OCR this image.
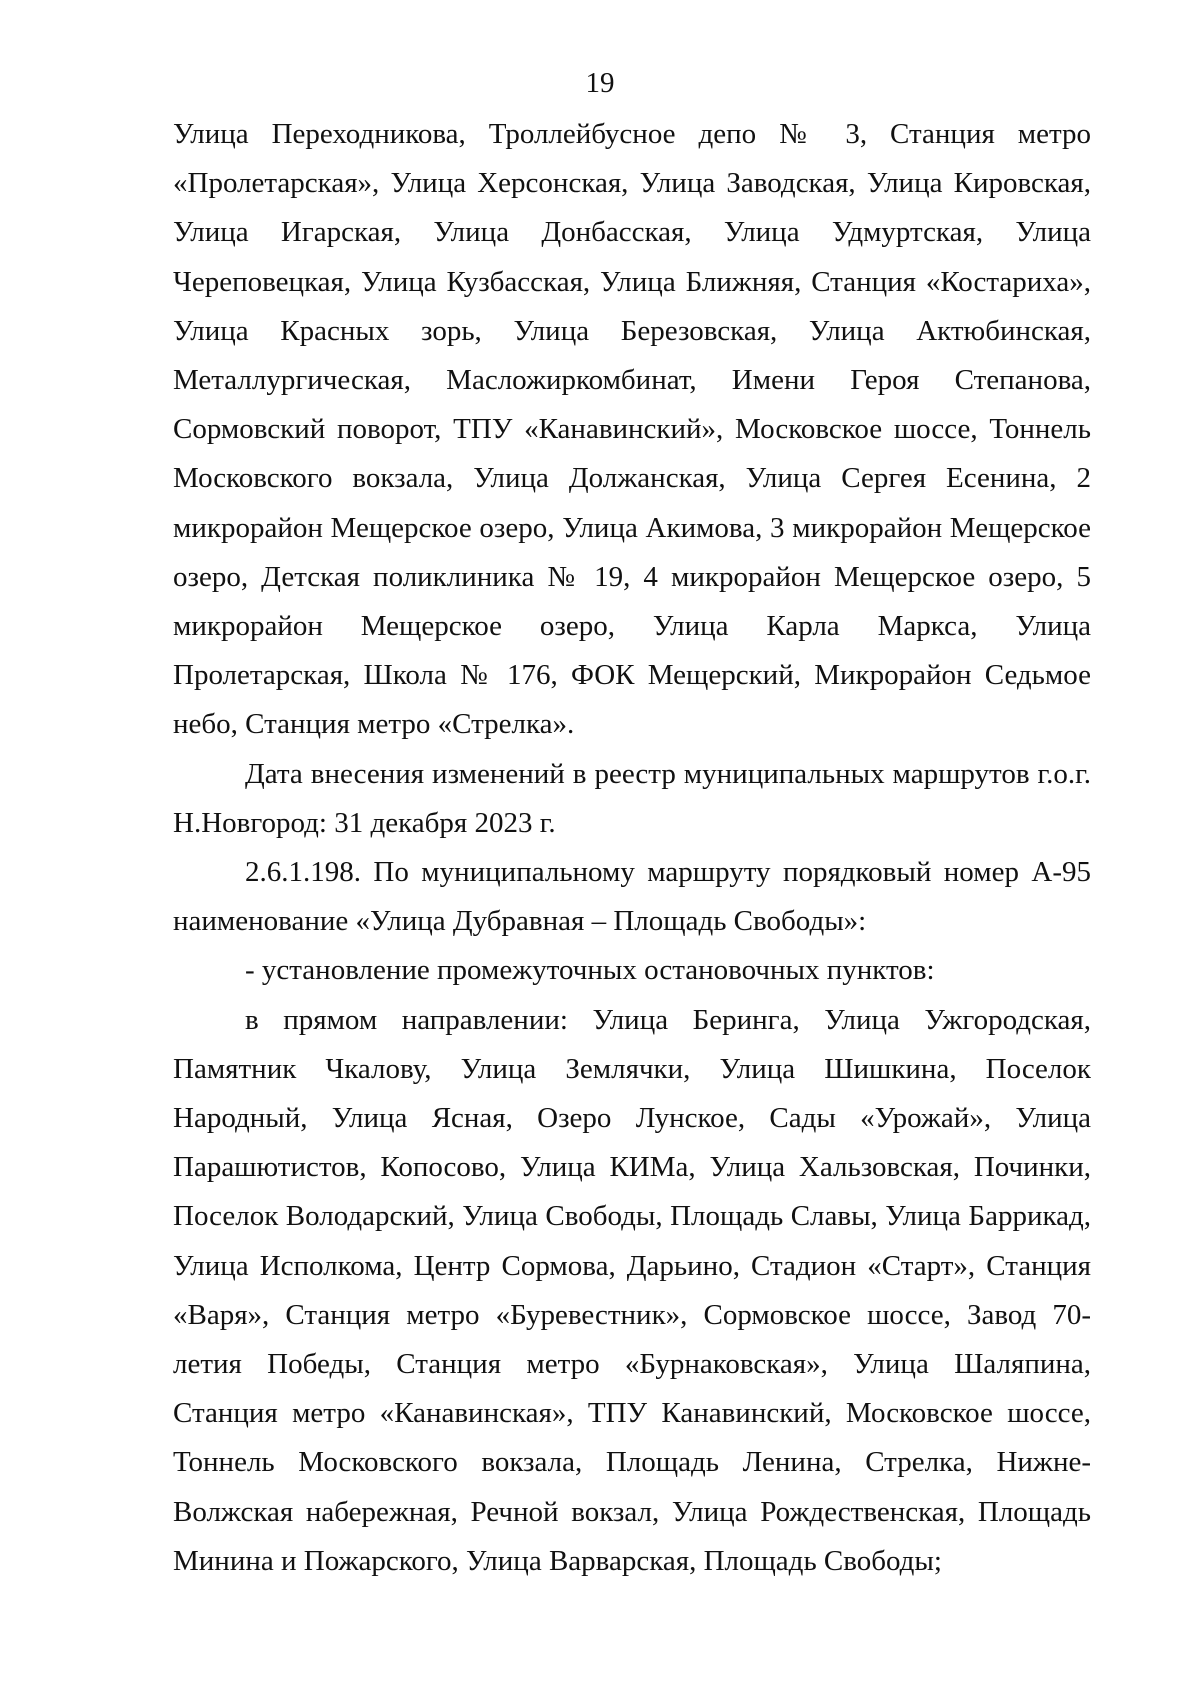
19

Улица Переходникова, Троллейбусное депо № 3, Станция метро «Пролетарская», Улица Херсонская, Улица Заводская, Улица Кировская, Улица Игарская, Улица Донбасская, Улица Удмуртская, Улица Череповецкая, Улица Кузбасская, Улица Ближняя, Станция «Костариха», Улица Красных зорь, Улица Березовская, Улица Актюбинская, Металлургическая, Масложиркомбинат, Имени Героя Степанова, Сормовский поворот, ТПУ «Канавинский», Московское шоссе, Тоннель Московского вокзала, Улица Должанская, Улица Сергея Есенина, 2 микрорайон Мещерское озеро, Улица Акимова, 3 микрорайон Мещерское озеро, Детская поликлиника № 19, 4 микрорайон Мещерское озеро, 5 микрорайон Мещерское озеро, Улица Карла Маркса, Улица Пролетарская, Школа № 176, ФОК Мещерский, Микрорайон Седьмое небо, Станция метро «Стрелка».

Дата внесения изменений в реестр муниципальных маршрутов г.о.г. Н.Новгород: 31 декабря 2023 г.

2.6.1.198. По муниципальному маршруту порядковый номер А-95 наименование «Улица Дубравная – Площадь Свободы»:

- установление промежуточных остановочных пунктов:

в прямом направлении: Улица Беринга, Улица Ужгородская, Памятник Чкалову, Улица Землячки, Улица Шишкина, Поселок Народный, Улица Ясная, Озеро Лунское, Сады «Урожай», Улица Парашютистов, Копосово, Улица КИМа, Улица Хальзовская, Починки, Поселок Володарский, Улица Свободы, Площадь Славы, Улица Баррикад, Улица Исполкома, Центр Сормова, Дарьино, Стадион «Старт», Станция «Варя», Станция метро «Буревестник», Сормовское шоссе, Завод 70-летия Победы, Станция метро «Бурнаковская», Улица Шаляпина, Станция метро «Канавинская», ТПУ Канавинский, Московское шоссе, Тоннель Московского вокзала, Площадь Ленина, Стрелка, Нижне-Волжская набережная, Речной вокзал, Улица Рождественская, Площадь Минина и Пожарского, Улица Варварская, Площадь Свободы;
